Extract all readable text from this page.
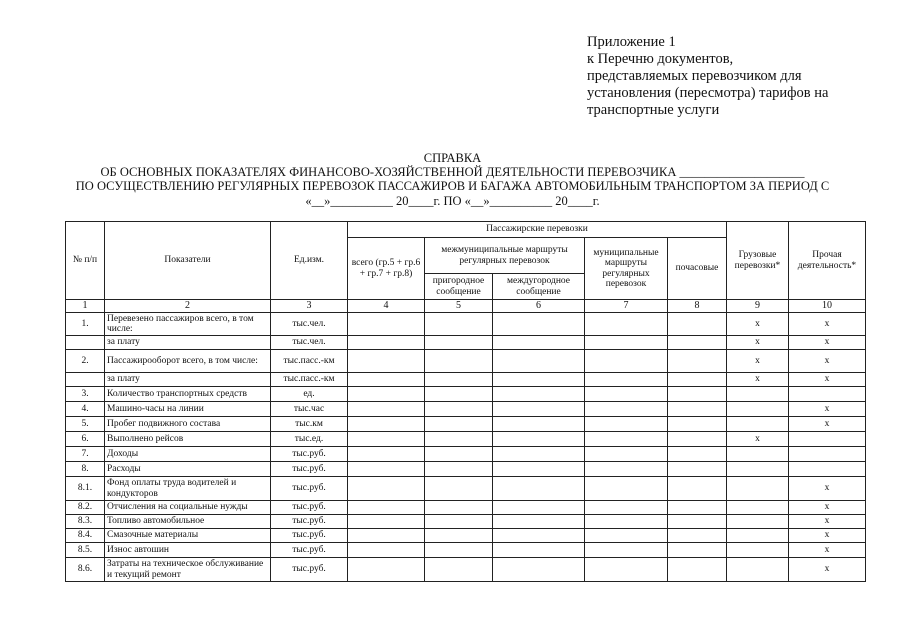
Приложение 1
к Перечню документов,
представляемых перевозчиком для
установления (пересмотра) тарифов на
транспортные услуги
СПРАВКА
ОБ ОСНОВНЫХ ПОКАЗАТЕЛЯХ ФИНАНСОВО-ХОЗЯЙСТВЕННОЙ ДЕЯТЕЛЬНОСТИ ПЕРЕВОЗЧИКА ____________________
ПО ОСУЩЕСТВЛЕНИЮ РЕГУЛЯРНЫХ ПЕРЕВОЗОК ПАССАЖИРОВ И БАГАЖА АВТОМОБИЛЬНЫМ ТРАНСПОРТОМ ЗА ПЕРИОД С
«__»__________ 20____г. ПО «__»__________ 20____г.
№ п/п	Показатели	Ед.изм.	Пассажирские перевозки					Грузовые перевозки*	Прочая деятельность*
			всего (гр.5 + гр.6 + гр.7 + гр.8)	межмуниципальные маршруты регулярных перевозок		муниципальные маршруты регулярных перевозок	почасовые		
				пригородное сообщение	междугородное сообщение				
1	2	3	4	5	6	7	8	9	10
1.	Перевезено пассажиров всего, в том числе:	тыс.чел.						x	x
	за плату	тыс.чел.						x	x
2.	Пассажирооборот всего, в том числе:	тыс.пасс.-км						x	x
	за плату	тыс.пасс.-км						x	x
3.	Количество транспортных средств	ед.							
4.	Машино-часы на линии	тыс.час							x
5.	Пробег подвижного состава	тыс.км							x
6.	Выполнено рейсов	тыс.ед.						x	
7.	Доходы	тыс.руб.							
8.	Расходы	тыс.руб.							
8.1.	Фонд оплаты труда водителей и кондукторов	тыс.руб.							x
8.2.	Отчисления на социальные нужды	тыс.руб.							x
8.3.	Топливо автомобильное	тыс.руб.							x
8.4.	Смазочные материалы	тыс.руб.							x
8.5.	Износ автошин	тыс.руб.							x
8.6.	Затраты на техническое обслуживание и текущий ремонт	тыс.руб.							x
